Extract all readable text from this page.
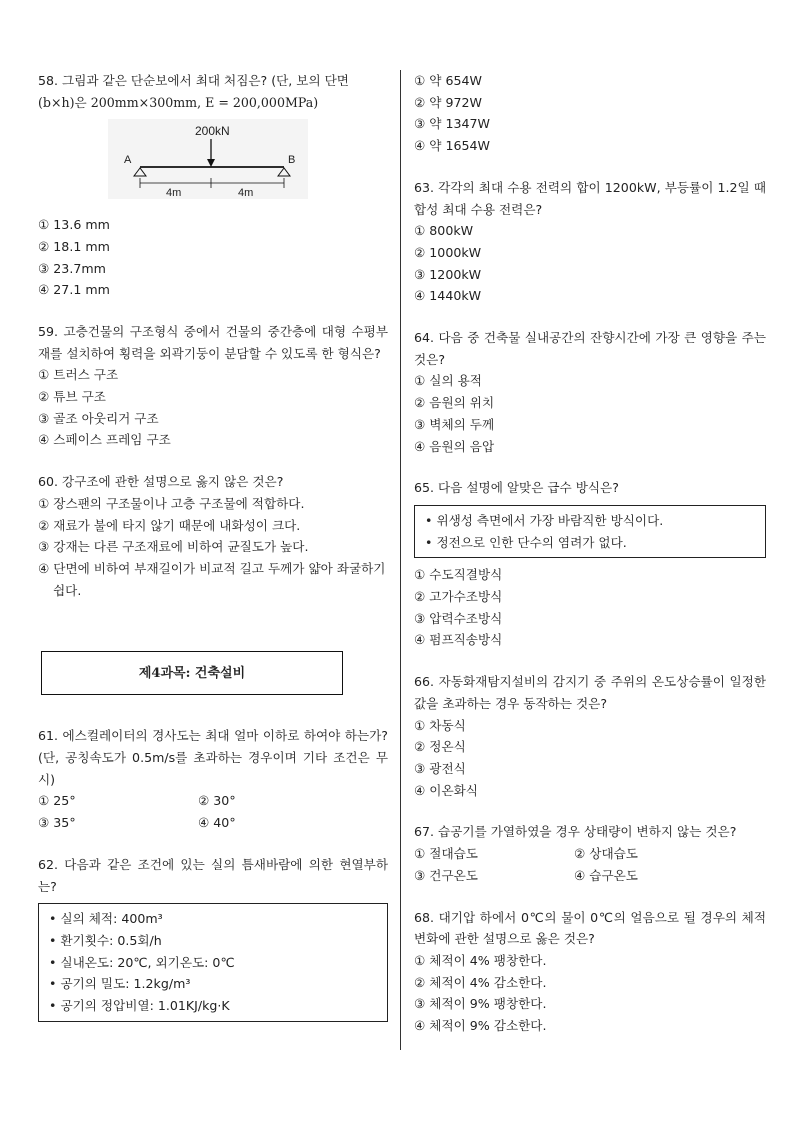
58. 그림과 같은 단순보에서 최대 처짐은? (단, 보의 단면

(b×h)은 200mm×300mm, E = 200,000MPa)

200kN
A	B
4m	4m
① 13.6 mm
② 18.1 mm
③ 23.7mm
④ 27.1 mm

59. 고층건물의 구조형식 중에서 건물의 중간층에 대형 수평부재를 설치하여 횡력을 외곽기둥이 분담할 수 있도록 한 형식은?

① 트러스 구조
② 튜브 구조
③ 골조 아웃리거 구조
④ 스페이스 프레임 구조

60. 강구조에 관한 설명으로 옳지 않은 것은?

① 장스팬의 구조물이나 고층 구조물에 적합하다.
② 재료가 불에 타지 않기 때문에 내화성이 크다.
③ 강재는 다른 구조재료에 비하여 균질도가 높다.
④ 단면에 비하여 부재길이가 비교적 길고 두께가 얇아 좌굴하기 쉽다.
제4과목: 건축설비

61. 에스컬레이터의 경사도는 최대 얼마 이하로 하여야 하는가?(단, 공칭속도가 0.5m/s를 초과하는 경우이며 기타 조건은 무시)

① 25°	② 30°
③ 35°	④ 40°

62. 다음과 같은 조건에 있는 실의 틈새바람에 의한 현열부하는?

• 실의 체적: 400m³
• 환기횟수: 0.5회/h
• 실내온도: 20℃, 외기온도: 0℃
• 공기의 밀도: 1.2kg/m³
• 공기의 정압비열: 1.01KJ/kg·K
① 약 654W
② 약 972W
③ 약 1347W
④ 약 1654W

63. 각각의 최대 수용 전력의 합이 1200kW, 부등률이 1.2일 때 합성 최대 수용 전력은?

① 800kW
② 1000kW
③ 1200kW
④ 1440kW

64. 다음 중 건축물 실내공간의 잔향시간에 가장 큰 영향을 주는 것은?

① 실의 용적
② 음원의 위치
③ 벽체의 두께
④ 음원의 음압

65. 다음 설명에 알맞은 급수 방식은?

• 위생성 측면에서 가장 바람직한 방식이다.
• 정전으로 인한 단수의 염려가 없다.
① 수도직결방식
② 고가수조방식
③ 압력수조방식
④ 펌프직송방식

66. 자동화재탐지설비의 감지기 중 주위의 온도상승률이 일정한 값을 초과하는 경우 동작하는 것은?

① 차동식
② 정온식
③ 광전식
④ 이온화식

67. 습공기를 가열하였을 경우 상태량이 변하지 않는 것은?

① 절대습도	② 상대습도
③ 건구온도	④ 습구온도

68. 대기압 하에서 0℃의 물이 0℃의 얼음으로 될 경우의 체적 변화에 관한 설명으로 옳은 것은?

① 체적이 4% 팽창한다.
② 체적이 4% 감소한다.
③ 체적이 9% 팽창한다.
④ 체적이 9% 감소한다.
